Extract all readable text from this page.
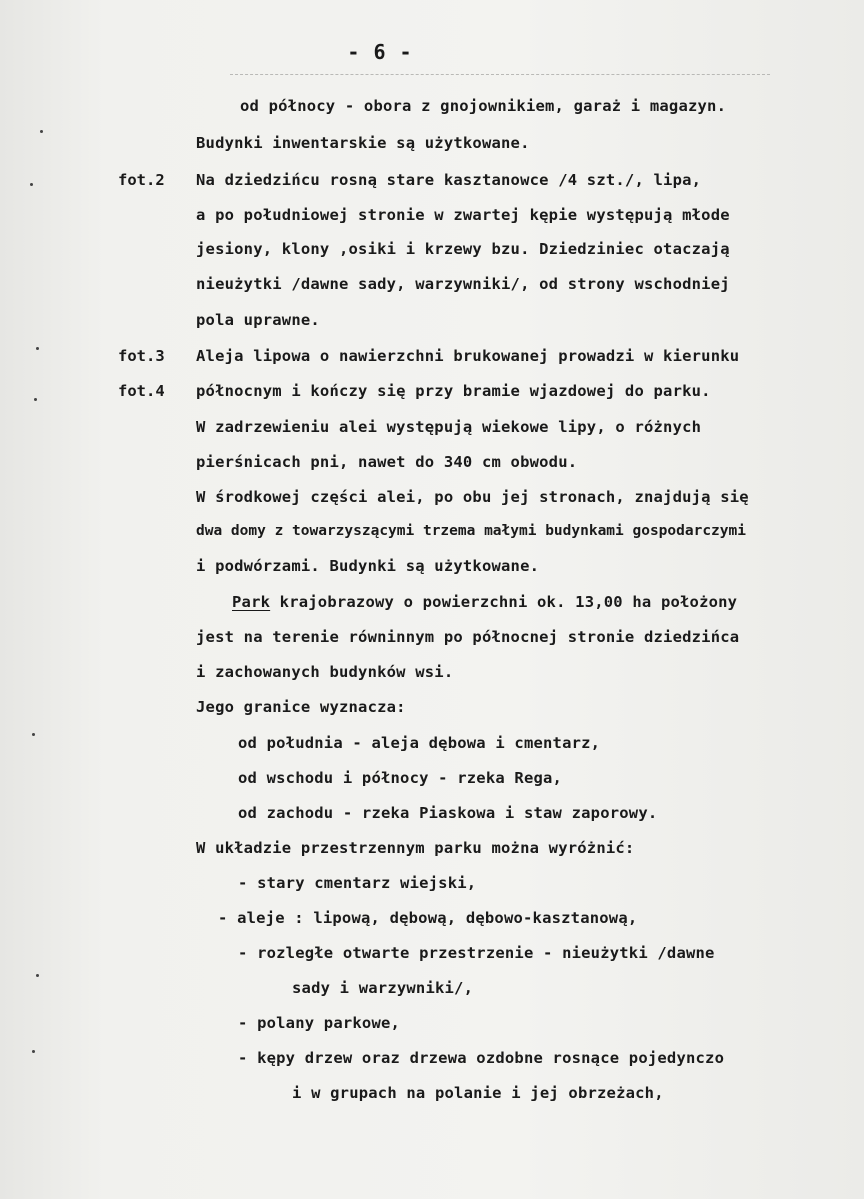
- 6 -
fot.2
fot.3
fot.4
od północy - obora z gnojownikiem, garaż i magazyn.
Budynki inwentarskie są użytkowane.
Na dziedzińcu rosną stare kasztanowce /4 szt./, lipa,
a po południowej stronie w zwartej kępie występują młode
jesiony, klony ,osiki i krzewy bzu. Dziedziniec otaczają
nieużytki /dawne sady, warzywniki/, od strony wschodniej
pola uprawne.
Aleja lipowa o nawierzchni brukowanej prowadzi w kierunku
północnym i kończy się przy bramie wjazdowej do parku.
W zadrzewieniu alei występują wiekowe lipy, o różnych
pierśnicach pni, nawet do 340 cm obwodu.
W środkowej części alei, po obu jej stronach, znajdują się
dwa domy z towarzyszącymi trzema małymi budynkami gospodarczymi
i podwórzami. Budynki są użytkowane.
Park krajobrazowy o powierzchni ok. 13,00 ha położony
jest na terenie równinnym po północnej stronie dziedzińca
i zachowanych budynków wsi.
Jego granice wyznacza:
od południa - aleja dębowa i cmentarz,
od wschodu i północy - rzeka Rega,
od zachodu - rzeka Piaskowa i staw zaporowy.
W układzie przestrzennym parku można wyróżnić:
- stary cmentarz wiejski,
- aleje : lipową, dębową, dębowo-kasztanową,
- rozległe otwarte przestrzenie - nieużytki /dawne
sady i warzywniki/,
- polany parkowe,
- kępy drzew oraz drzewa ozdobne rosnące pojedynczo
i w grupach na polanie i jej obrzeżach,
